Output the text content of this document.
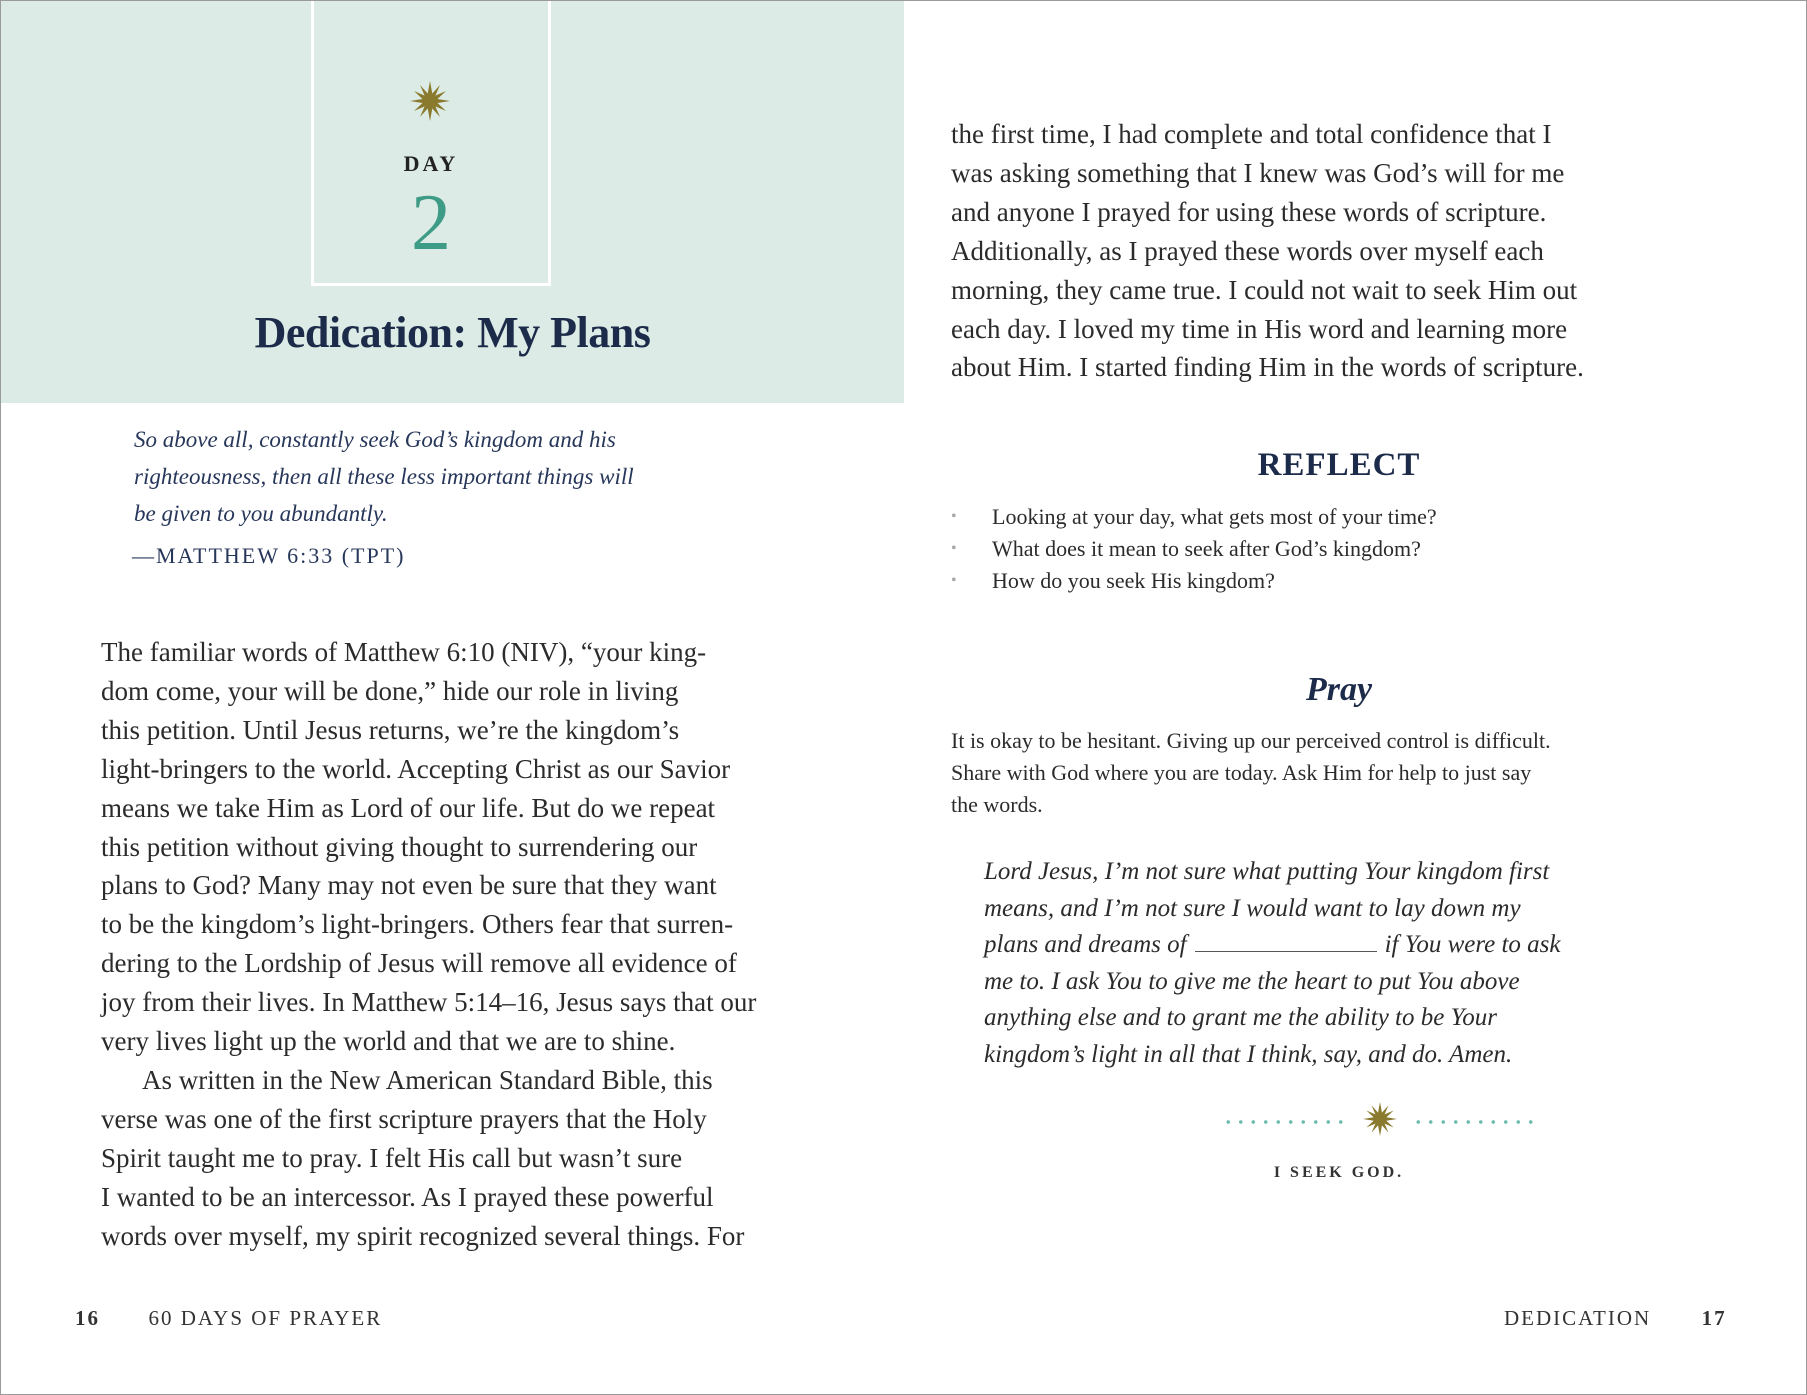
DAY
2
Dedication: My Plans
So above all, constantly seek God’s kingdom and his
righteousness, then all these less important things will
be given to you abundantly.
—MATTHEW 6:33 (TPT)
The familiar words of Matthew 6:10 (NIV), “your king-
dom come, your will be done,” hide our role in living
this petition. Until Jesus returns, we’re the kingdom’s
light-bringers to the world. Accepting Christ as our Savior
means we take Him as Lord of our life. But do we repeat
this petition without giving thought to surrendering our
plans to God? Many may not even be sure that they want
to be the kingdom’s light-bringers. Others fear that surren-
dering to the Lordship of Jesus will remove all evidence of
joy from their lives. In Matthew 5:14–16, Jesus says that our
very lives light up the world and that we are to shine.
As written in the New American Standard Bible, this
verse was one of the first scripture prayers that the Holy
Spirit taught me to pray. I felt His call but wasn’t sure
I wanted to be an intercessor. As I prayed these powerful
words over myself, my spirit recognized several things. For
16 60 DAYS OF PRAYER
the first time, I had complete and total confidence that I
was asking something that I knew was God’s will for me
and anyone I prayed for using these words of scripture.
Additionally, as I prayed these words over myself each
morning, they came true. I could not wait to seek Him out
each day. I loved my time in His word and learning more
about Him. I started finding Him in the words of scripture.
REFLECT
• Looking at your day, what gets most of your time?
• What does it mean to seek after God’s kingdom?
• How do you seek His kingdom?
Pray
It is okay to be hesitant. Giving up our perceived control is difficult.
Share with God where you are today. Ask Him for help to just say
the words.
Lord Jesus, I’m not sure what putting Your kingdom first
means, and I’m not sure I would want to lay down my
plans and dreams of	if You were to ask
me to. I ask You to give me the heart to put You above
anything else and to grant me the ability to be Your
kingdom’s light in all that I think, say, and do. Amen.
I SEEK GOD.
DEDICATION 17
